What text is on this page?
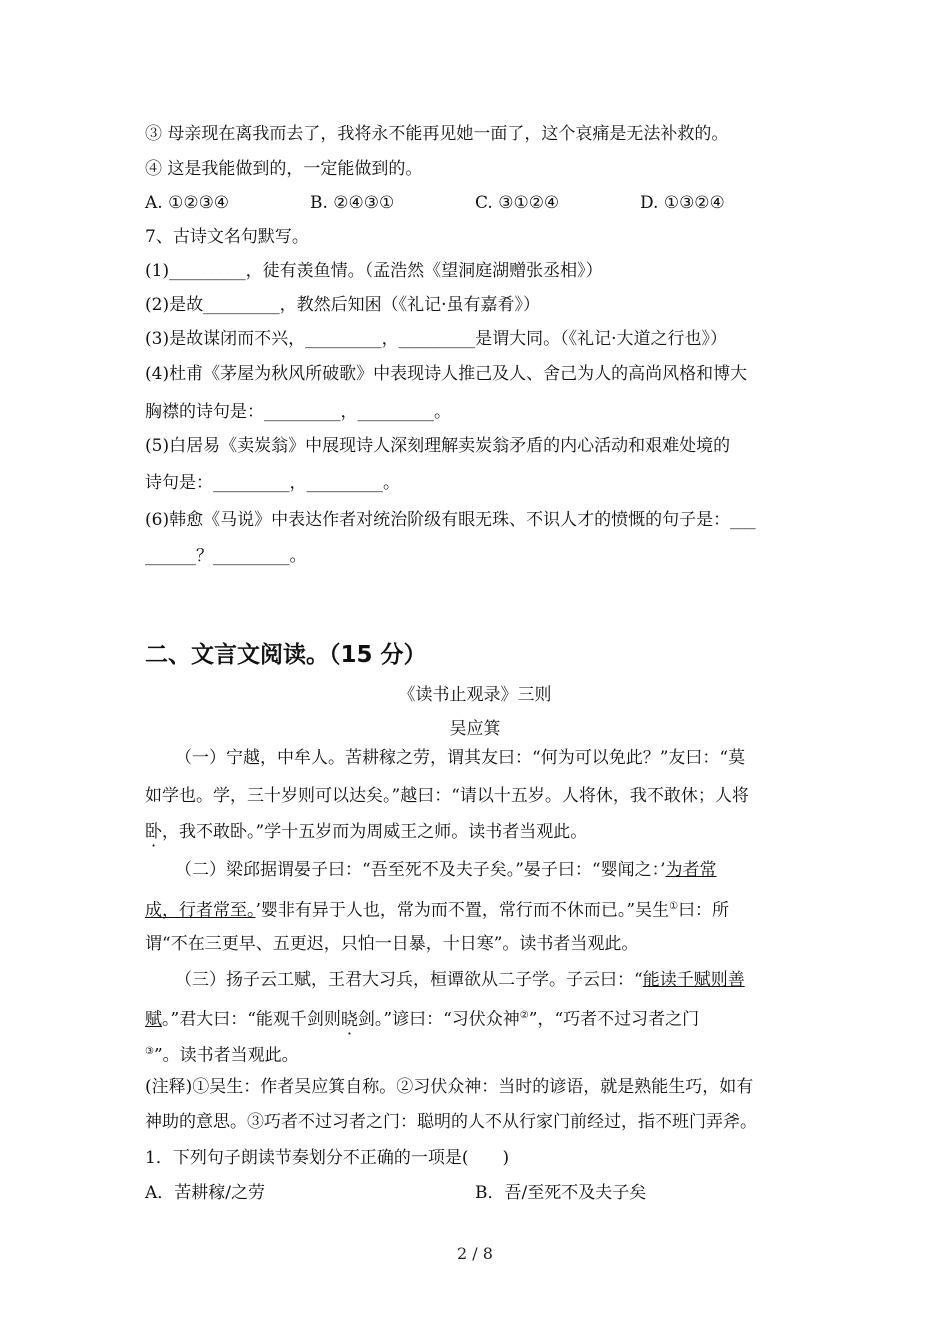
③ 母亲现在离我而去了，我将永不能再见她一面了，这个哀痛是无法补救的。
④ 这是我能做到的，一定能做到的。
A. ①②③④	B. ②④③①	C. ③①②④	D. ①③②④
7、古诗文名句默写。
(1)_________，徒有羡鱼情。（孟浩然《望洞庭湖赠张丞相》）
(2)是故_________，教然后知困（《礼记·虽有嘉肴》）
(3)是故谋闭而不兴，_________，_________是谓大同。（《礼记·大道之行也》）
(4)杜甫《茅屋为秋风所破歌》中表现诗人推己及人、舍己为人的高尚风格和博大
胸襟的诗句是：_________，_________。
(5)白居易《卖炭翁》中展现诗人深刻理解卖炭翁矛盾的内心活动和艰难处境的
诗句是：_________，_________。
(6)韩愈《马说》中表达作者对统治阶级有眼无珠、不识人才的愤慨的句子是：___
______？_________。
二、文言文阅读。（15 分）
《读书止观录》三则
吴应箕
（一）宁越，中牟人。苦耕稼之劳，谓其友曰：“何为可以免此？”友曰：“莫
如学也。学，三十岁则可以达矣。”越曰：“请以十五岁。人将休，我不敢休；人将
卧，我不敢卧。”学十五岁而为周威王之师。读书者当观此。
（二）梁邱据谓晏子曰：“吾至死不及夫子矣。”晏子曰：“婴闻之：’为者常
成，行者常至。’婴非有异于人也，常为而不置，常行而不休而已。”吴生①曰：所
谓“不在三更早、五更迟，只怕一日暴，十日寒”。读书者当观此。
（三）扬子云工赋，王君大习兵，桓谭欲从二子学。子云曰：“能读千赋则善
赋。”君大曰：“能观千剑则晓剑。”谚曰：“习伏众神②”，“巧者不过习者之门
③”。读书者当观此。
(注释)①吴生：作者吴应箕自称。②习伏众神：当时的谚语，就是熟能生巧，如有
神助的意思。③巧者不过习者之门：聪明的人不从行家门前经过，指不班门弄斧。
1．下列句子朗读节奏划分不正确的一项是(　　)
A．苦耕稼/之劳	B．吾/至死不及夫子矣
2 / 8
